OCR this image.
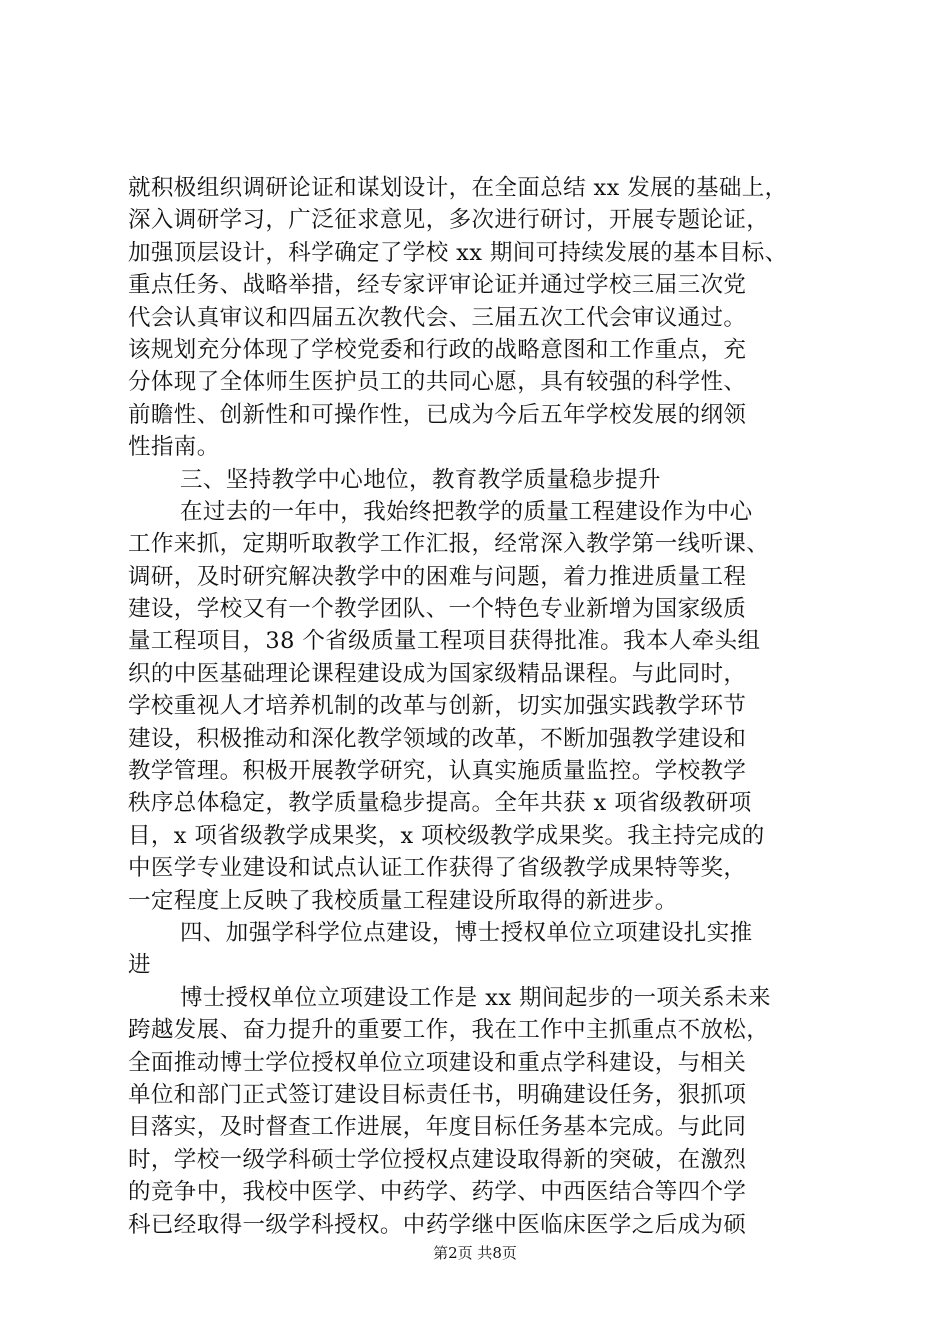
就积极组织调研论证和谋划设计，在全面总结 xx 发展的基础上，
深入调研学习，广泛征求意见，多次进行研讨，开展专题论证，
加强顶层设计，科学确定了学校 xx 期间可持续发展的基本目标、
重点任务、战略举措，经专家评审论证并通过学校三届三次党
代会认真审议和四届五次教代会、三届五次工代会审议通过。
该规划充分体现了学校党委和行政的战略意图和工作重点，充
分体现了全体师生医护员工的共同心愿，具有较强的科学性、
前瞻性、创新性和可操作性，已成为今后五年学校发展的纲领
性指南。
三、坚持教学中心地位，教育教学质量稳步提升
在过去的一年中，我始终把教学的质量工程建设作为中心
工作来抓，定期听取教学工作汇报，经常深入教学第一线听课、
调研，及时研究解决教学中的困难与问题，着力推进质量工程
建设，学校又有一个教学团队、一个特色专业新增为国家级质
量工程项目，38 个省级质量工程项目获得批准。我本人牵头组
织的中医基础理论课程建设成为国家级精品课程。与此同时，
学校重视人才培养机制的改革与创新，切实加强实践教学环节
建设，积极推动和深化教学领域的改革，不断加强教学建设和
教学管理。积极开展教学研究，认真实施质量监控。学校教学
秩序总体稳定，教学质量稳步提高。全年共获 x 项省级教研项
目，x 项省级教学成果奖，x 项校级教学成果奖。我主持完成的
中医学专业建设和试点认证工作获得了省级教学成果特等奖，
一定程度上反映了我校质量工程建设所取得的新进步。
四、加强学科学位点建设，博士授权单位立项建设扎实推
进
博士授权单位立项建设工作是 xx 期间起步的一项关系未来
跨越发展、奋力提升的重要工作，我在工作中主抓重点不放松，
全面推动博士学位授权单位立项建设和重点学科建设，与相关
单位和部门正式签订建设目标责任书，明确建设任务，狠抓项
目落实，及时督查工作进展，年度目标任务基本完成。与此同
时，学校一级学科硕士学位授权点建设取得新的突破，在激烈
的竞争中，我校中医学、中药学、药学、中西医结合等四个学
科已经取得一级学科授权。中药学继中医临床医学之后成为硕
第2页 共8页
